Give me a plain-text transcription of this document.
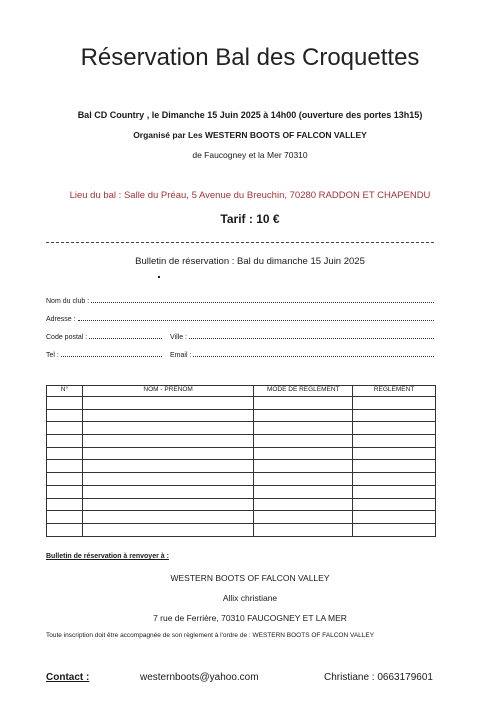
Réservation Bal des Croquettes
Bal CD Country , le Dimanche 15 Juin 2025 à 14h00 (ouverture des portes 13h15)
Organisé par Les WESTERN BOOTS OF FALCON VALLEY
de Faucogney et la Mer 70310
Lieu du bal : Salle du Préau, 5 Avenue du Breuchin, 70280 RADDON ET CHAPENDU
Tarif : 10 €
Bulletin de réservation : Bal du dimanche 15 Juin 2025
Nom du club :
Adresse :
Code postal :	Ville :
Tel :	Email :
N°	NOM - PRENOM	MODE DE REGLEMENT	REGLEMENT

Bulletin de réservation à renvoyer à :
WESTERN BOOTS OF FALCON VALLEY
Allix christiane
7 rue de Ferrière, 70310 FAUCOGNEY ET LA MER
Toute inscription doit être accompagnée de son règlement à l'ordre de : WESTERN BOOTS OF FALCON VALLEY
Contact :	westernboots@yahoo.com	Christiane : 0663179601
